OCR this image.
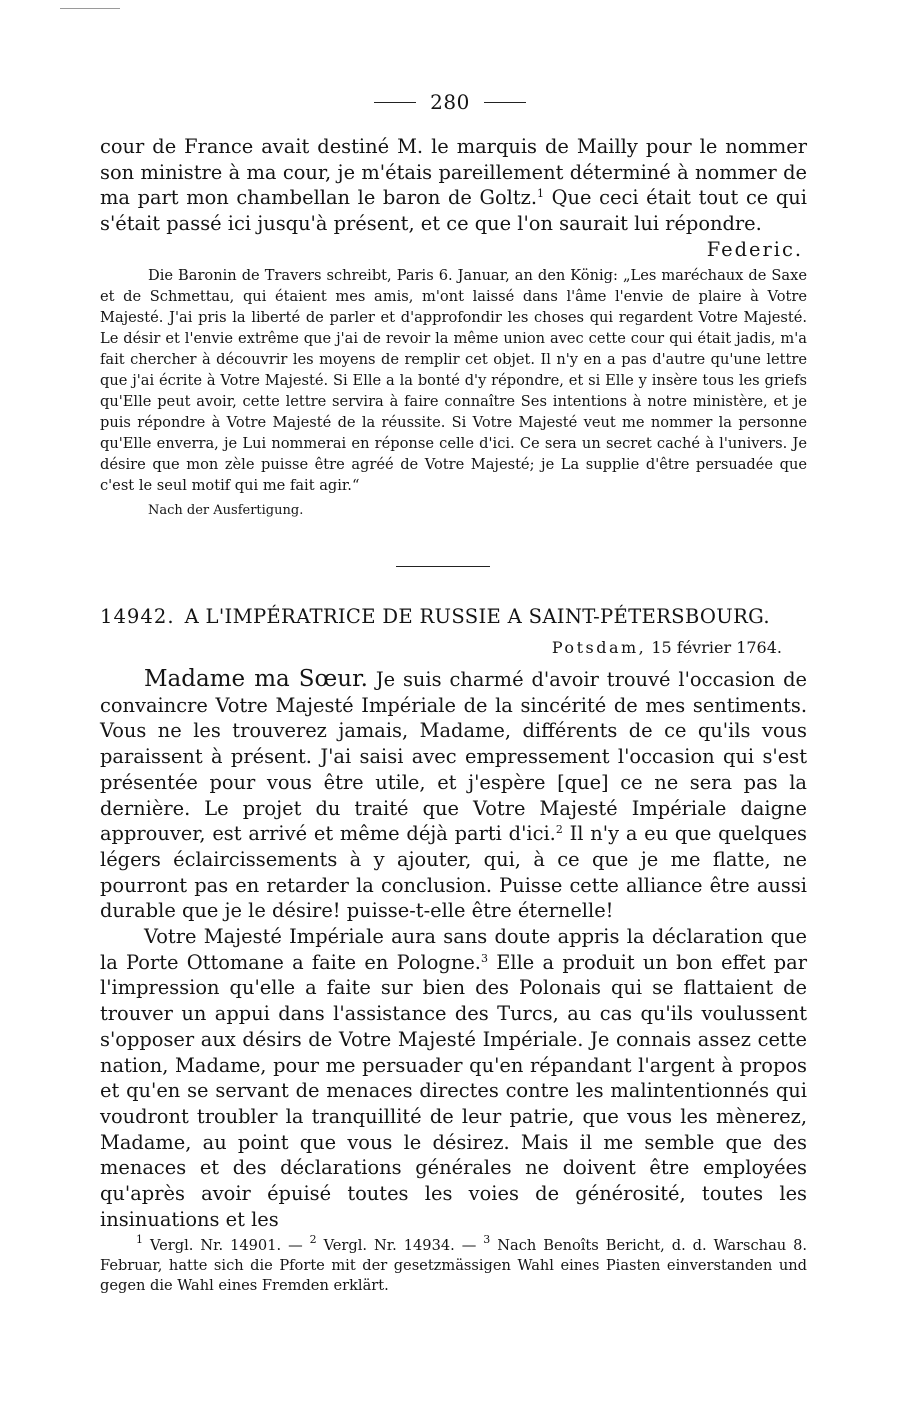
280

cour de France avait destiné M. le marquis de Mailly pour le nommer son ministre à ma cour, je m'étais pareillement déterminé à nommer de ma part mon chambellan le baron de Goltz.$^1$ Que ceci était tout ce qui s'était passé ici jusqu'à présent, et ce que l'on saurait lui répondre.

Federic.

Die Baronin de Travers schreibt, Paris 6. Januar, an den König: „Les maréchaux de Saxe et de Schmettau, qui étaient mes amis, m'ont laissé dans l'âme l'envie de plaire à Votre Majesté. J'ai pris la liberté de parler et d'approfondir les choses qui regardent Votre Majesté. Le désir et l'envie extrême que j'ai de revoir la même union avec cette cour qui était jadis, m'a fait chercher à découvrir les moyens de remplir cet objet. Il n'y en a pas d'autre qu'une lettre que j'ai écrite à Votre Majesté. Si Elle a la bonté d'y répondre, et si Elle y insère tous les griefs qu'Elle peut avoir, cette lettre servira à faire connaître Ses intentions à notre ministère, et je puis répondre à Votre Majesté de la réussite. Si Votre Majesté veut me nommer la personne qu'Elle enverra, je Lui nommerai en réponse celle d'ici. Ce sera un secret caché à l'univers. Je désire que mon zèle puisse être agréé de Votre Majesté; je La supplie d'être persuadée que c'est le seul motif qui me fait agir.“

Nach der Ausfertigung.
14942. A L'IMPÉRATRICE DE RUSSIE A SAINT-PÉTERSBOURG.
Potsdam, 15 février 1764.

Madame ma Sœur. Je suis charmé d'avoir trouvé l'occasion de convaincre Votre Majesté Impériale de la sincérité de mes sentiments. Vous ne les trouverez jamais, Madame, différents de ce qu'ils vous paraissent à présent. J'ai saisi avec empressement l'occasion qui s'est présentée pour vous être utile, et j'espère [que] ce ne sera pas la dernière. Le projet du traité que Votre Majesté Impériale daigne approuver, est arrivé et même déjà parti d'ici.$^2$ Il n'y a eu que quelques légers éclaircissements à y ajouter, qui, à ce que je me flatte, ne pourront pas en retarder la conclusion. Puisse cette alliance être aussi durable que je le désire! puisse-t-elle être éternelle!

Votre Majesté Impériale aura sans doute appris la déclaration que la Porte Ottomane a faite en Pologne.$^3$ Elle a produit un bon effet par l'impression qu'elle a faite sur bien des Polonais qui se flattaient de trouver un appui dans l'assistance des Turcs, au cas qu'ils voulussent s'opposer aux désirs de Votre Majesté Impériale. Je connais assez cette nation, Madame, pour me persuader qu'en répandant l'argent à propos et qu'en se servant de menaces directes contre les malintentionnés qui voudront troubler la tranquillité de leur patrie, que vous les mènerez, Madame, au point que vous le désirez. Mais il me semble que des menaces et des déclarations générales ne doivent être employées qu'après avoir épuisé toutes les voies de générosité, toutes les insinuations et les

$^1$ Vergl. Nr. 14901. — $^2$ Vergl. Nr. 14934. — $^3$ Nach Benoîts Bericht, d. d. Warschau 8. Februar, hatte sich die Pforte mit der gesetzmässigen Wahl eines Piasten einverstanden und gegen die Wahl eines Fremden erklärt.
